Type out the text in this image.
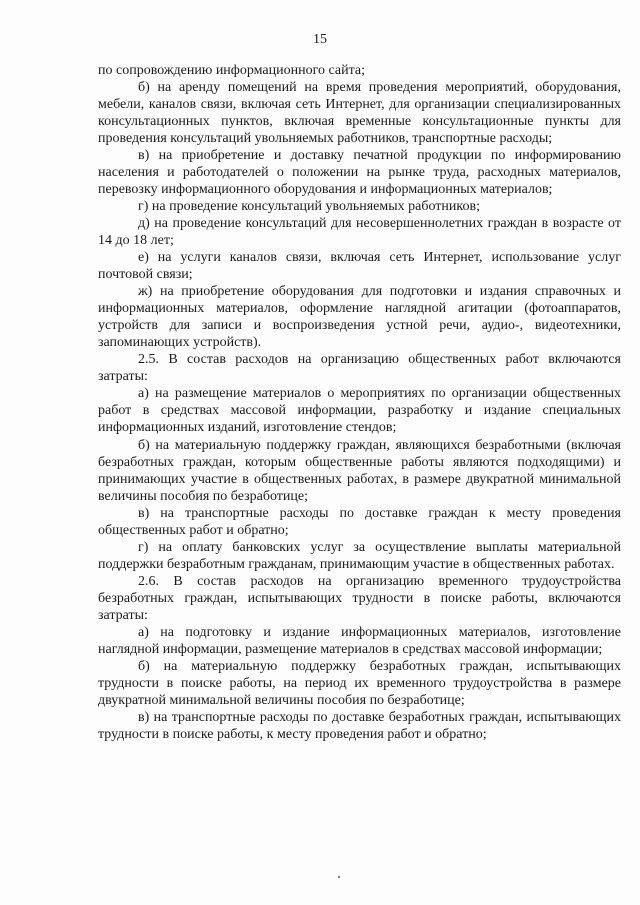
15

по сопровождению информационного сайта;

б) на аренду помещений на время проведения мероприятий, оборудования, мебели, каналов связи, включая сеть Интернет, для организации специализированных консультационных пунктов, включая временные консультационные пункты для проведения консультаций увольняемых работников, транспортные расходы;

в) на приобретение и доставку печатной продукции по информированию населения и работодателей о положении на рынке труда, расходных материалов, перевозку информационного оборудования и информационных материалов;

г) на проведение консультаций увольняемых работников;

д) на проведение консультаций для несовершеннолетних граждан в возрасте от 14 до 18 лет;

е) на услуги каналов связи, включая сеть Интернет, использование услуг почтовой связи;

ж) на приобретение оборудования для подготовки и издания справочных и информационных материалов, оформление наглядной агитации (фотоаппаратов, устройств для записи и воспроизведения устной речи, аудио-, видеотехники, запоминающих устройств).

2.5. В состав расходов на организацию общественных работ включаются затраты:

а) на размещение материалов о мероприятиях по организации общественных работ в средствах массовой информации, разработку и издание специальных информационных изданий, изготовление стендов;

б) на материальную поддержку граждан, являющихся безработными (включая безработных граждан, которым общественные работы являются подходящими) и принимающих участие в общественных работах, в размере двукратной минимальной величины пособия по безработице;

в) на транспортные расходы по доставке граждан к месту проведения общественных работ и обратно;

г) на оплату банковских услуг за осуществление выплаты материальной поддержки безработным гражданам, принимающим участие в общественных работах.

2.6. В состав расходов на организацию временного трудоустройства безработных граждан, испытывающих трудности в поиске работы, включаются затраты:

а) на подготовку и издание информационных материалов, изготовление наглядной информации, размещение материалов в средствах массовой информации;

б) на материальную поддержку безработных граждан, испытывающих трудности в поиске работы, на период их временного трудоустройства в размере двукратной минимальной величины пособия по безработице;

в) на транспортные расходы по доставке безработных граждан, испытывающих трудности в поиске работы, к месту проведения работ и обратно;
